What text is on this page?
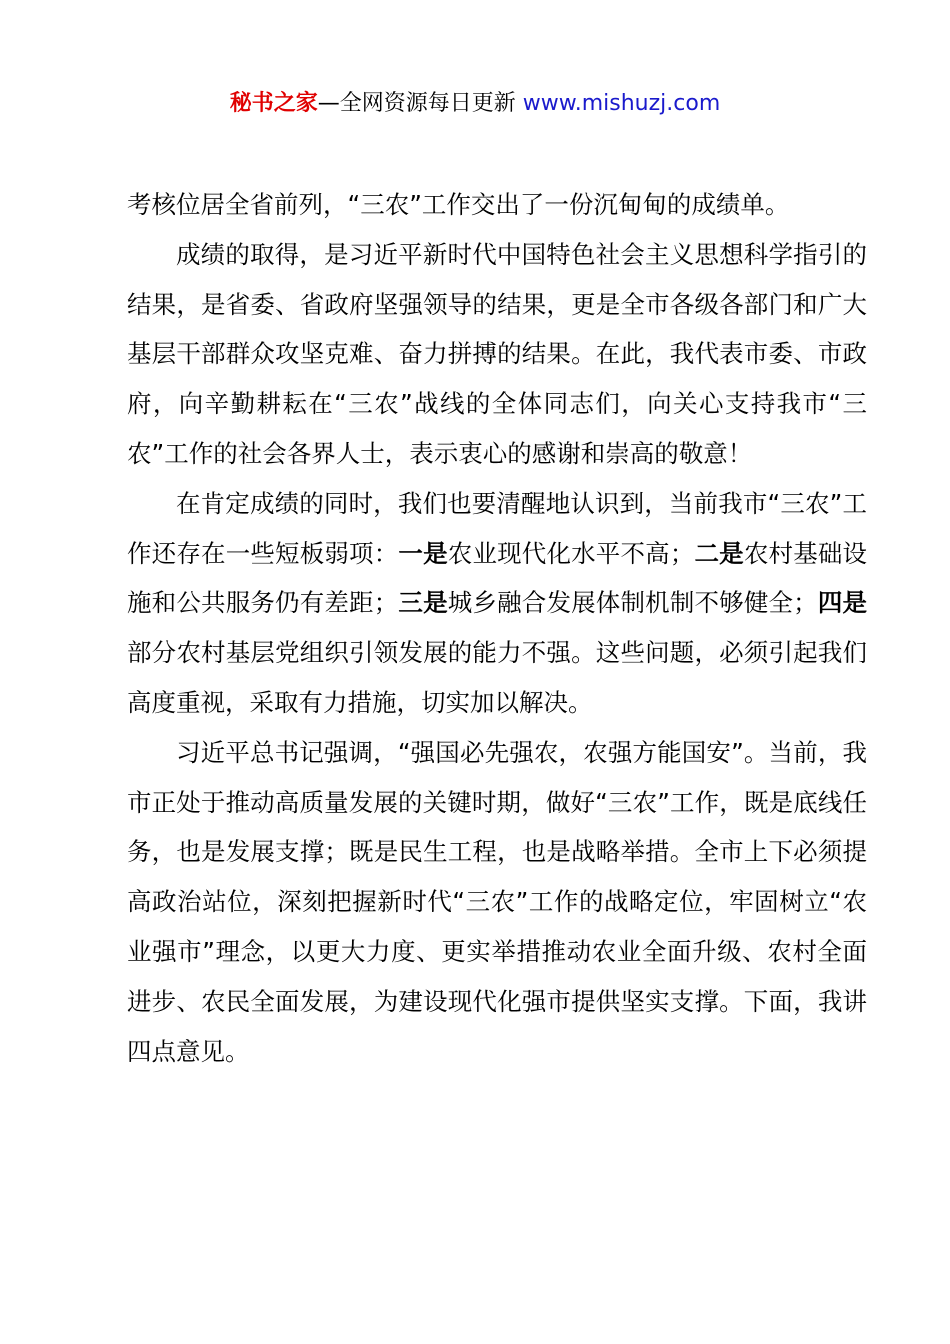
秘书之家—全网资源每日更新 www.mishuzj.com

考核位居全省前列，“三农”工作交出了一份沉甸甸的成绩单。

成绩的取得，是习近平新时代中国特色社会主义思想科学指引的结果，是省委、省政府坚强领导的结果，更是全市各级各部门和广大基层干部群众攻坚克难、奋力拼搏的结果。在此，我代表市委、市政府，向辛勤耕耘在“三农”战线的全体同志们，向关心支持我市“三农”工作的社会各界人士，表示衷心的感谢和崇高的敬意！

在肯定成绩的同时，我们也要清醒地认识到，当前我市“三农”工作还存在一些短板弱项：一是农业现代化水平不高；二是农村基础设施和公共服务仍有差距；三是城乡融合发展体制机制不够健全；四是部分农村基层党组织引领发展的能力不强。这些问题，必须引起我们高度重视，采取有力措施，切实加以解决。

习近平总书记强调，“强国必先强农，农强方能国安”。当前，我市正处于推动高质量发展的关键时期，做好“三农”工作，既是底线任务，也是发展支撑；既是民生工程，也是战略举措。全市上下必须提高政治站位，深刻把握新时代“三农”工作的战略定位，牢固树立“农业强市”理念，以更大力度、更实举措推动农业全面升级、农村全面进步、农民全面发展，为建设现代化强市提供坚实支撑。下面，我讲四点意见。
